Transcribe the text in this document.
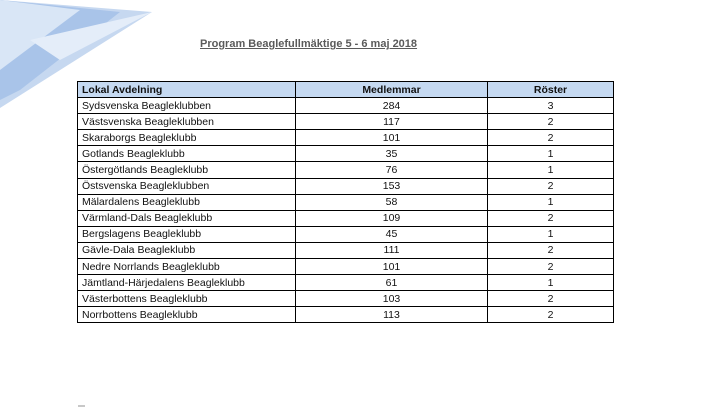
Program Beaglefullmäktige 5 - 6 maj 2018
Lokal Avdelning	Medlemmar	Röster
Sydsvenska Beagleklubben	284	3
Västsvenska Beagleklubben	117	2
Skaraborgs Beagleklubb	101	2
Gotlands Beagleklubb	35	1
Östergötlands Beagleklubb	76	1
Östsvenska Beagleklubben	153	2
Mälardalens Beagleklubb	58	1
Värmland-Dals Beagleklubb	109	2
Bergslagens Beagleklubb	45	1
Gävle-Dala Beagleklubb	111	2
Nedre Norrlands Beagleklubb	101	2
Jämtland-Härjedalens Beagleklubb	61	1
Västerbottens Beagleklubb	103	2
Norrbottens Beagleklubb	113	2
